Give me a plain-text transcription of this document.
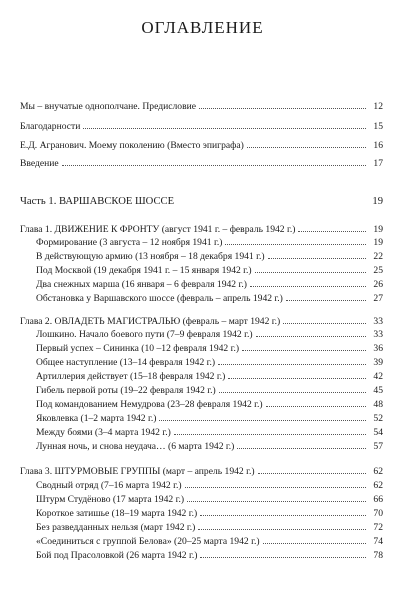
ОГЛАВЛЕНИЕ
Мы – внучатые однополчане. Предисловие	12
Благодарности	15
Е.Д. Агранович. Моему поколению (Вместо эпиграфа)	16
Введение	17
Часть 1. ВАРШАВСКОЕ ШОССЕ	19
Глава 1. ДВИЖЕНИЕ К ФРОНТУ (август 1941 г. – февраль 1942 г.)	19
Формирование (3 августа – 12 ноября 1941 г.)	19
В действующую армию (13 ноября – 18 декабря 1941 г.)	22
Под Москвой (19 декабря 1941 г. – 15 января 1942 г.)	25
Два снежных марша (16 января – 6 февраля 1942 г.)	26
Обстановка у Варшавского шоссе (февраль – апрель 1942 г.)	27
Глава 2. ОВЛАДЕТЬ МАГИСТРАЛЬЮ (февраль – март 1942 г.)	33
Лошкино. Начало боевого пути (7–9 февраля 1942 г.)	33
Первый успех – Сининка (10 –12 февраля 1942 г.)	36
Общее наступление (13–14 февраля 1942 г.)	39
Артиллерия действует (15–18 февраля 1942 г.)	42
Гибель первой роты (19–22 февраля 1942 г.)	45
Под командованием Немудрова (23–28 февраля 1942 г.)	48
Яковлевка (1–2 марта 1942 г.)	52
Между боями (3–4 марта 1942 г.)	54
Лунная ночь, и снова неудача… (6 марта 1942 г.)	57
Глава 3. ШТУРМОВЫЕ ГРУППЫ (март – апрель 1942 г.)	62
Сводный отряд (7–16 марта 1942 г.)	62
Штурм Студёново (17 марта 1942 г.)	66
Короткое затишье (18–19 марта 1942 г.)	70
Без разведданных нельзя (март 1942 г.)	72
«Соединиться с группой Белова» (20–25 марта 1942 г.)	74
Бой под Прасоловкой (26 марта 1942 г.)	78
